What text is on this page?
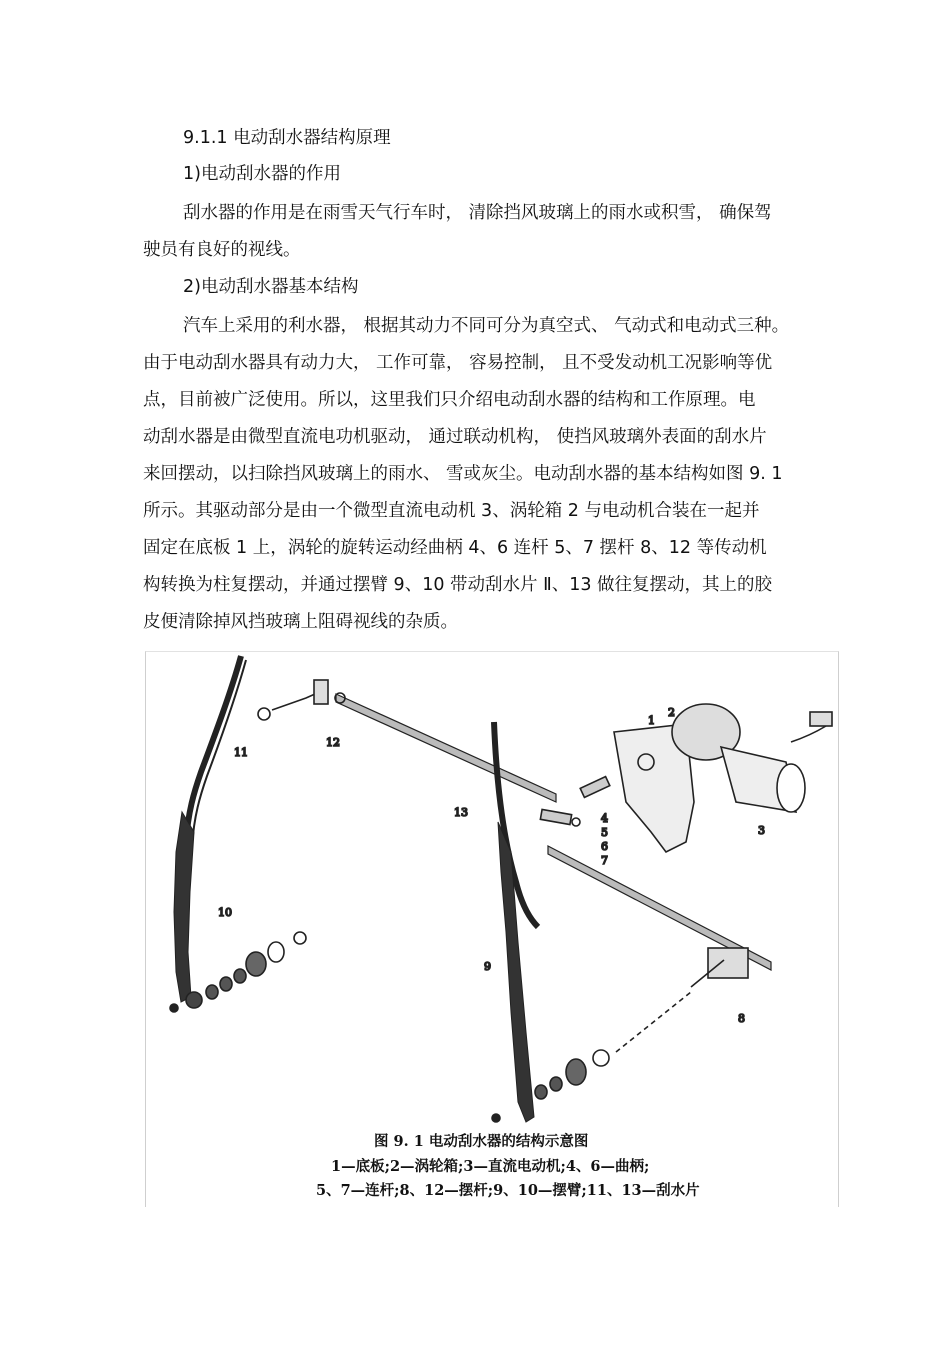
9.1.1 电动刮水器结构原理
1)电动刮水器的作用
刮水器的作用是在雨雪天气行车时， 清除挡风玻璃上的雨水或积雪， 确保驾
驶员有良好的视线。
2)电动刮水器基本结构
汽车上采用的利水器， 根据其动力不同可分为真空式、 气动式和电动式三种。
由于电动刮水器具有动力大， 工作可靠， 容易控制， 且不受发动机工况影响等优
点，目前被广泛使用。所以，这里我们只介绍电动刮水器的结构和工作原理。电
动刮水器是由微型直流电功机驱动， 通过联动机构， 使挡风玻璃外表面的刮水片
来回摆动，以扫除挡风玻璃上的雨水、 雪或灰尘。电动刮水器的基本结构如图 9. 1
所示。其驱动部分是由一个微型直流电动机 3、涡轮箱 2 与电动机合装在一起并
固定在底板 1 上，涡轮的旋转运动经曲柄 4、6 连杆 5、7 摆杆 8、12 等传动机
构转换为柱复摆动，并通过摆臂 9、10 带动刮水片 Ⅱ、13 做往复摆动，其上的胶
皮便清除掉风挡玻璃上阻碍视线的杂质。
11
10
12
13
9
1
2
3
4
5
6
7
8
图 9. 1 电动刮水器的结构示意图
1—底板;2—涡轮箱;3—直流电动机;4、6—曲柄;
5、7—连杆;8、12—摆杆;9、10—摆臂;11、13—刮水片
